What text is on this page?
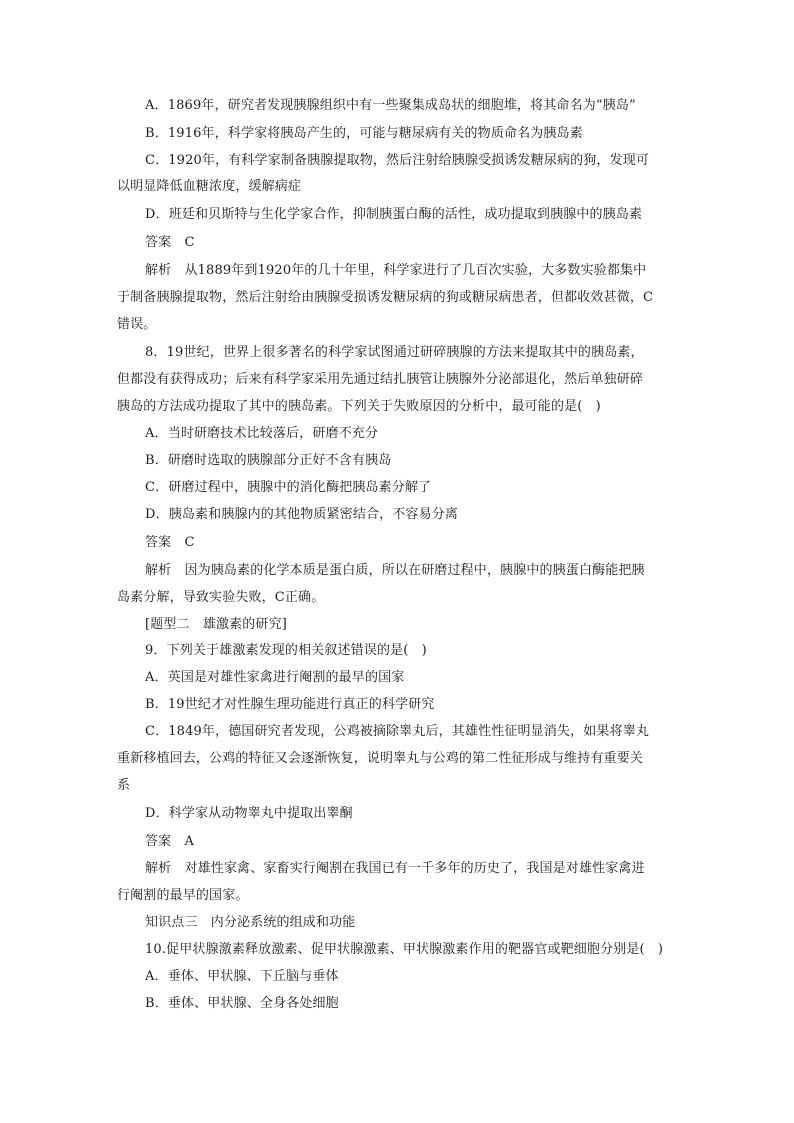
A．1869年，研究者发现胰腺组织中有一些聚集成岛状的细胞堆，将其命名为“胰岛”
B．1916年，科学家将胰岛产生的，可能与糖尿病有关的物质命名为胰岛素
C．1920年，有科学家制备胰腺提取物，然后注射给胰腺受损诱发糖尿病的狗，发现可
以明显降低血糖浓度，缓解病症
D．班廷和贝斯特与生化学家合作，抑制胰蛋白酶的活性，成功提取到胰腺中的胰岛素
答案　C
解析　从1889年到1920年的几十年里，科学家进行了几百次实验，大多数实验都集中
于制备胰腺提取物，然后注射给由胰腺受损诱发糖尿病的狗或糖尿病患者，但都收效甚微，C
错误。
8．19世纪，世界上很多著名的科学家试图通过研碎胰腺的方法来提取其中的胰岛素，
但都没有获得成功；后来有科学家采用先通过结扎胰管让胰腺外分泌部退化，然后单独研碎
胰岛的方法成功提取了其中的胰岛素。下列关于失败原因的分析中，最可能的是(　)
A．当时研磨技术比较落后，研磨不充分
B．研磨时选取的胰腺部分正好不含有胰岛
C．研磨过程中，胰腺中的消化酶把胰岛素分解了
D．胰岛素和胰腺内的其他物质紧密结合，不容易分离
答案　C
解析　因为胰岛素的化学本质是蛋白质，所以在研磨过程中，胰腺中的胰蛋白酶能把胰
岛素分解，导致实验失败，C正确。
[题型二　雄激素的研究]
9．下列关于雄激素发现的相关叙述错误的是(　)
A．英国是对雄性家禽进行阉割的最早的国家
B．19世纪才对性腺生理功能进行真正的科学研究
C．1849年，德国研究者发现，公鸡被摘除睾丸后，其雄性性征明显消失，如果将睾丸
重新移植回去，公鸡的特征又会逐渐恢复，说明睾丸与公鸡的第二性征形成与维持有重要关
系
D．科学家从动物睾丸中提取出睾酮
答案　A
解析　对雄性家禽、家畜实行阉割在我国已有一千多年的历史了，我国是对雄性家禽进
行阉割的最早的国家。
知识点三　内分泌系统的组成和功能
10.促甲状腺激素释放激素、促甲状腺激素、甲状腺激素作用的靶器官或靶细胞分别是(　)
A．垂体、甲状腺、下丘脑与垂体
B．垂体、甲状腺、全身各处细胞
